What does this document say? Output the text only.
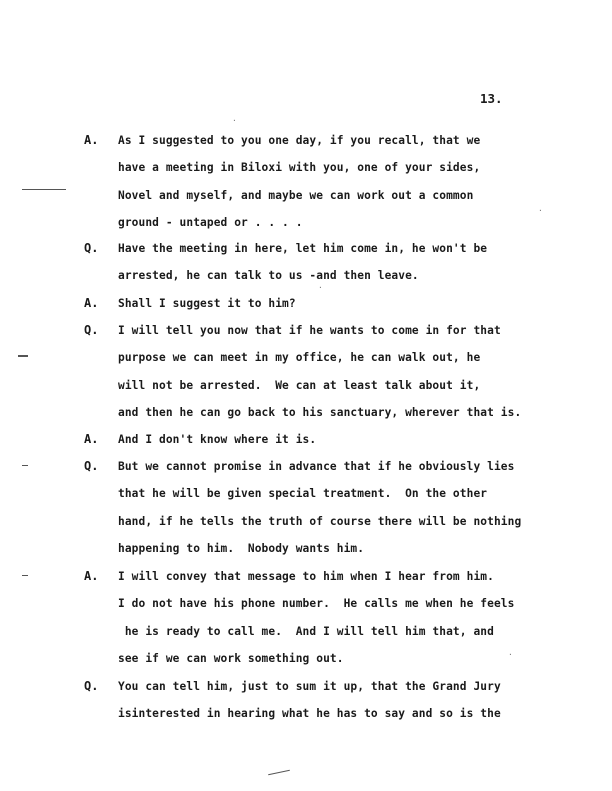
13.
A. As I suggested to you one day, if you recall, that we
have a meeting in Biloxi with you, one of your sides,
Novel and myself, and maybe we can work out a common
ground - untaped or . . . .
Q. Have the meeting in here, let him come in, he won't be
arrested, he can talk to us -and then leave.
A. Shall I suggest it to him?
Q. I will tell you now that if he wants to come in for that
purpose we can meet in my office, he can walk out, he
will not be arrested.  We can at least talk about it,
and then he can go back to his sanctuary, wherever that is.
A. And I don't know where it is.
Q. But we cannot promise in advance that if he obviously lies
that he will be given special treatment.  On the other
hand, if he tells the truth of course there will be nothing
happening to him.  Nobody wants him.
A. I will convey that message to him when I hear from him.
I do not have his phone number.  He calls me when he feels
he is ready to call me.  And I will tell him that, and
see if we can work something out.
Q. You can tell him, just to sum it up, that the Grand Jury
isinterested in hearing what he has to say and so is the
·
·
·
·
